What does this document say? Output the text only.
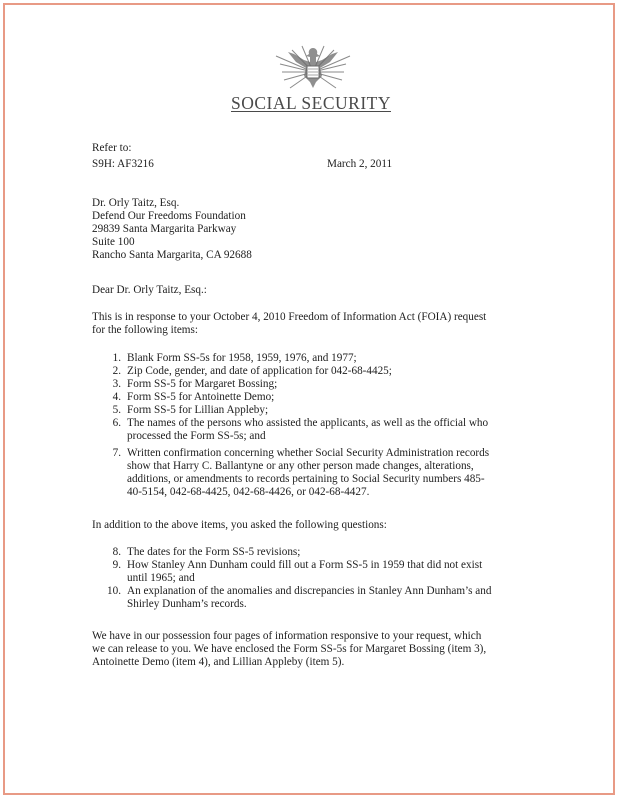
SOCIAL SECURITY
Refer to:
S9H: AF3216	March 2, 2011

Dr. Orly Taitz, Esq.

Defend Our Freedoms Foundation

29839 Santa Margarita Parkway

Suite 100

Rancho Santa Margarita, CA 92688

Dear Dr. Orly Taitz, Esq.:

This is in response to your October 4, 2010 Freedom of Information Act (FOIA) request

for the following items:

1. Blank Form SS-5s for 1958, 1959, 1976, and 1977;
2. Zip Code, gender, and date of application for 042-68-4425;
3. Form SS-5 for Margaret Bossing;
4. Form SS-5 for Antoinette Demo;
5. Form SS-5 for Lillian Appleby;
6. The names of the persons who assisted the applicants, as well as the official who
processed the Form SS-5s; and
7. Written confirmation concerning whether Social Security Administration records
show that Harry C. Ballantyne or any other person made changes, alterations,
additions, or amendments to records pertaining to Social Security numbers 485-
40-5154, 042-68-4425, 042-68-4426, or 042-68-4427.
In addition to the above items, you asked the following questions:
8. The dates for the Form SS-5 revisions;
9. How Stanley Ann Dunham could fill out a Form SS-5 in 1959 that did not exist
until 1965; and
10. An explanation of the anomalies and discrepancies in Stanley Ann Dunham’s and
Shirley Dunham’s records.

We have in our possession four pages of information responsive to your request, which

we can release to you. We have enclosed the Form SS-5s for Margaret Bossing (item 3),

Antoinette Demo (item 4), and Lillian Appleby (item 5).
